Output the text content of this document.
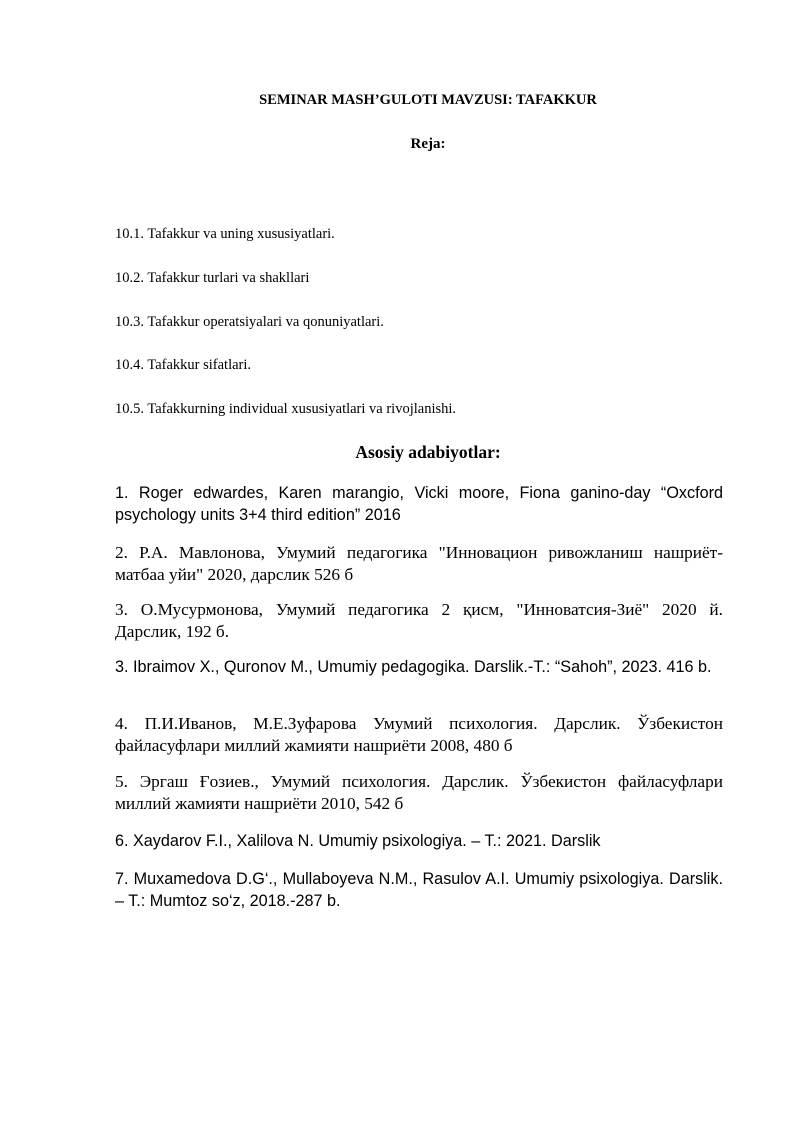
SEMINAR MASH’GULOTI MAVZUSI: TAFAKKUR
Reja:
10.1. Tafakkur va uning xususiyatlari.
10.2. Tafakkur turlari va shakllari
10.3. Tafakkur operatsiyalari va qonuniyatlari.
10.4. Tafakkur sifatlari.
10.5. Tafakkurning individual xususiyatlari va rivojlanishi.
Asosiy adabiyotlar:
1. Roger edwardes, Karen marangio, Vicki moore, Fiona ganino-day “Oxcford psychology units 3+4 third edition” 2016
2. Р.А. Мавлонова, Умумий педагогика "Инновацион ривожланиш нашриёт-матбаа уйи" 2020, дарслик 526 б
3. О.Мусурмонова, Умумий педагогика 2 қисм, "Инноватсия-Зиё" 2020 й. Дарслик, 192 б.
3. Ibraimov X., Quronov M., Umumiy pedagogika. Darslik.-T.: “Sahoh”, 2023. 416 b.
4. П.И.Иванов, М.Е.Зуфарова Умумий психология. Дарслик. Ўзбекистон файласуфлари миллий жамияти нашриёти 2008, 480 б
5. Эргаш Ғозиев., Умумий психология. Дарслик. Ўзбекистон файласуфлари миллий жамияти нашриёти 2010, 542 б
6. Xaydarov F.I., Xalilova N. Umumiy psixologiya. – T.: 2021. Darslik
7. Muxamedova D.G‘., Mullaboyeva N.M., Rasulov A.I. Umumiy psixologiya. Darslik. – T.: Mumtoz so‘z, 2018.-287 b.
